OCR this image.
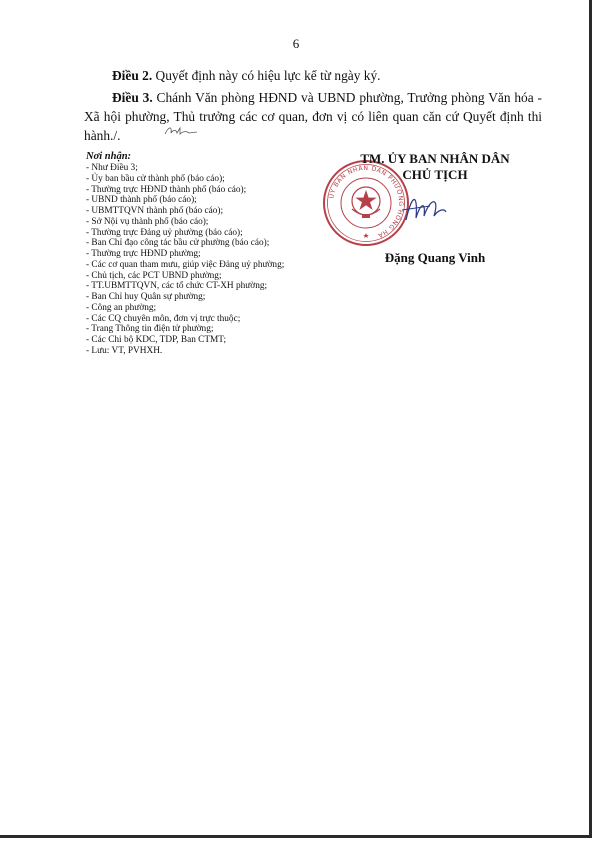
6
Điều 2. Quyết định này có hiệu lực kể từ ngày ký.
Điều 3. Chánh Văn phòng HĐND và UBND phường, Trưởng phòng Văn hóa - Xã hội phường, Thủ trưởng các cơ quan, đơn vị có liên quan căn cứ Quyết định thi hành./.
Nơi nhận:
- Như Điều 3;
- Ủy ban bầu cử thành phố (báo cáo);
- Thường trực HĐND thành phố (báo cáo);
- UBND thành phố (báo cáo);
- UBMTTQVN thành phố (báo cáo);
- Sở Nội vụ thành phố (báo cáo);
- Thường trực Đảng uỷ phường (báo cáo);
- Ban Chỉ đạo công tác bầu cử phường (báo cáo);
- Thường trực HĐND phường;
- Các cơ quan tham mưu, giúp việc Đảng uỷ phường;
- Chủ tịch, các PCT UBND phường;
- TT.UBMTTQVN, các tổ chức CT-XH phường;
- Ban Chỉ huy Quân sự phường;
- Công an phường;
- Các CQ chuyên môn, đơn vị trực thuộc;
- Trang Thông tin điện tử phường;
- Các Chi bộ KDC, TDP, Ban CTMT;
- Lưu: VT, PVHXH.
ỦY BAN NHÂN DÂN PHƯỜNG HỒNG HÀ
TM. ỦY BAN NHÂN DÂN
CHỦ TỊCH
Đặng Quang Vinh
